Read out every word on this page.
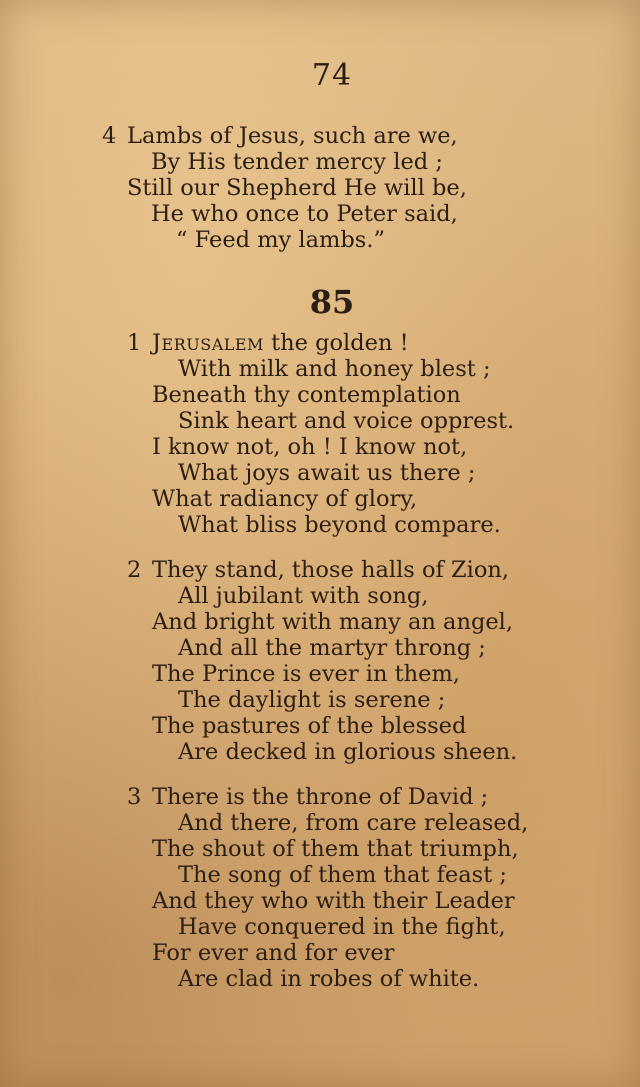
74
4 Lambs of Jesus, such are we,
By His tender mercy led ;
Still our Shepherd He will be,
He who once to Peter said,
“ Feed my lambs.”
85
1 Jerusalem the golden !
With milk and honey blest ;
Beneath thy contemplation
Sink heart and voice opprest.
I know not, oh ! I know not,
What joys await us there ;
What radiancy of glory,
What bliss beyond compare.
2 They stand, those halls of Zion,
All jubilant with song,
And bright with many an angel,
And all the martyr throng ;
The Prince is ever in them,
The daylight is serene ;
The pastures of the blessed
Are decked in glorious sheen.
3 There is the throne of David ;
And there, from care released,
The shout of them that triumph,
The song of them that feast ;
And they who with their Leader
Have conquered in the fight,
For ever and for ever
Are clad in robes of white.
